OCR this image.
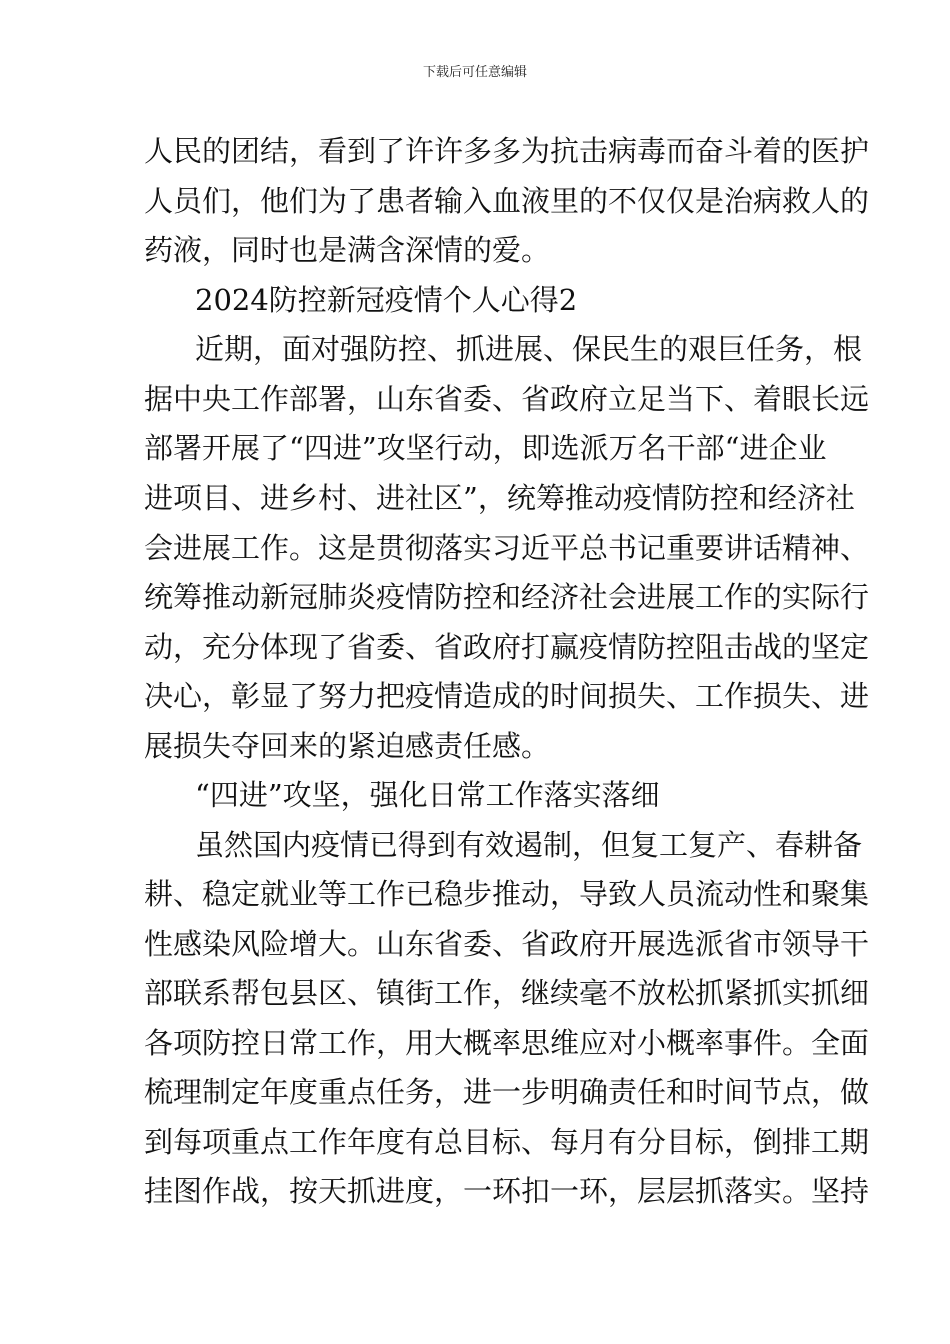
下载后可任意编辑
人民的团结，看到了许许多多为抗击病毒而奋斗着的医护
人员们，他们为了患者输入血液里的不仅仅是治病救人的
药液，同时也是满含深情的爱。
2024防控新冠疫情个人心得2
近期，面对强防控、抓进展、保民生的艰巨任务，根
据中央工作部署，山东省委、省政府立足当下、着眼长远
部署开展了“四进”攻坚行动，即选派万名干部“进企业
进项目、进乡村、进社区”，统筹推动疫情防控和经济社
会进展工作。这是贯彻落实习近平总书记重要讲话精神、
统筹推动新冠肺炎疫情防控和经济社会进展工作的实际行
动，充分体现了省委、省政府打赢疫情防控阻击战的坚定
决心，彰显了努力把疫情造成的时间损失、工作损失、进
展损失夺回来的紧迫感责任感。
“四进”攻坚，强化日常工作落实落细
虽然国内疫情已得到有效遏制，但复工复产、春耕备
耕、稳定就业等工作已稳步推动，导致人员流动性和聚集
性感染风险增大。山东省委、省政府开展选派省市领导干
部联系帮包县区、镇街工作，继续毫不放松抓紧抓实抓细
各项防控日常工作，用大概率思维应对小概率事件。全面
梳理制定年度重点任务，进一步明确责任和时间节点，做
到每项重点工作年度有总目标、每月有分目标，倒排工期
挂图作战，按天抓进度，一环扣一环，层层抓落实。坚持
